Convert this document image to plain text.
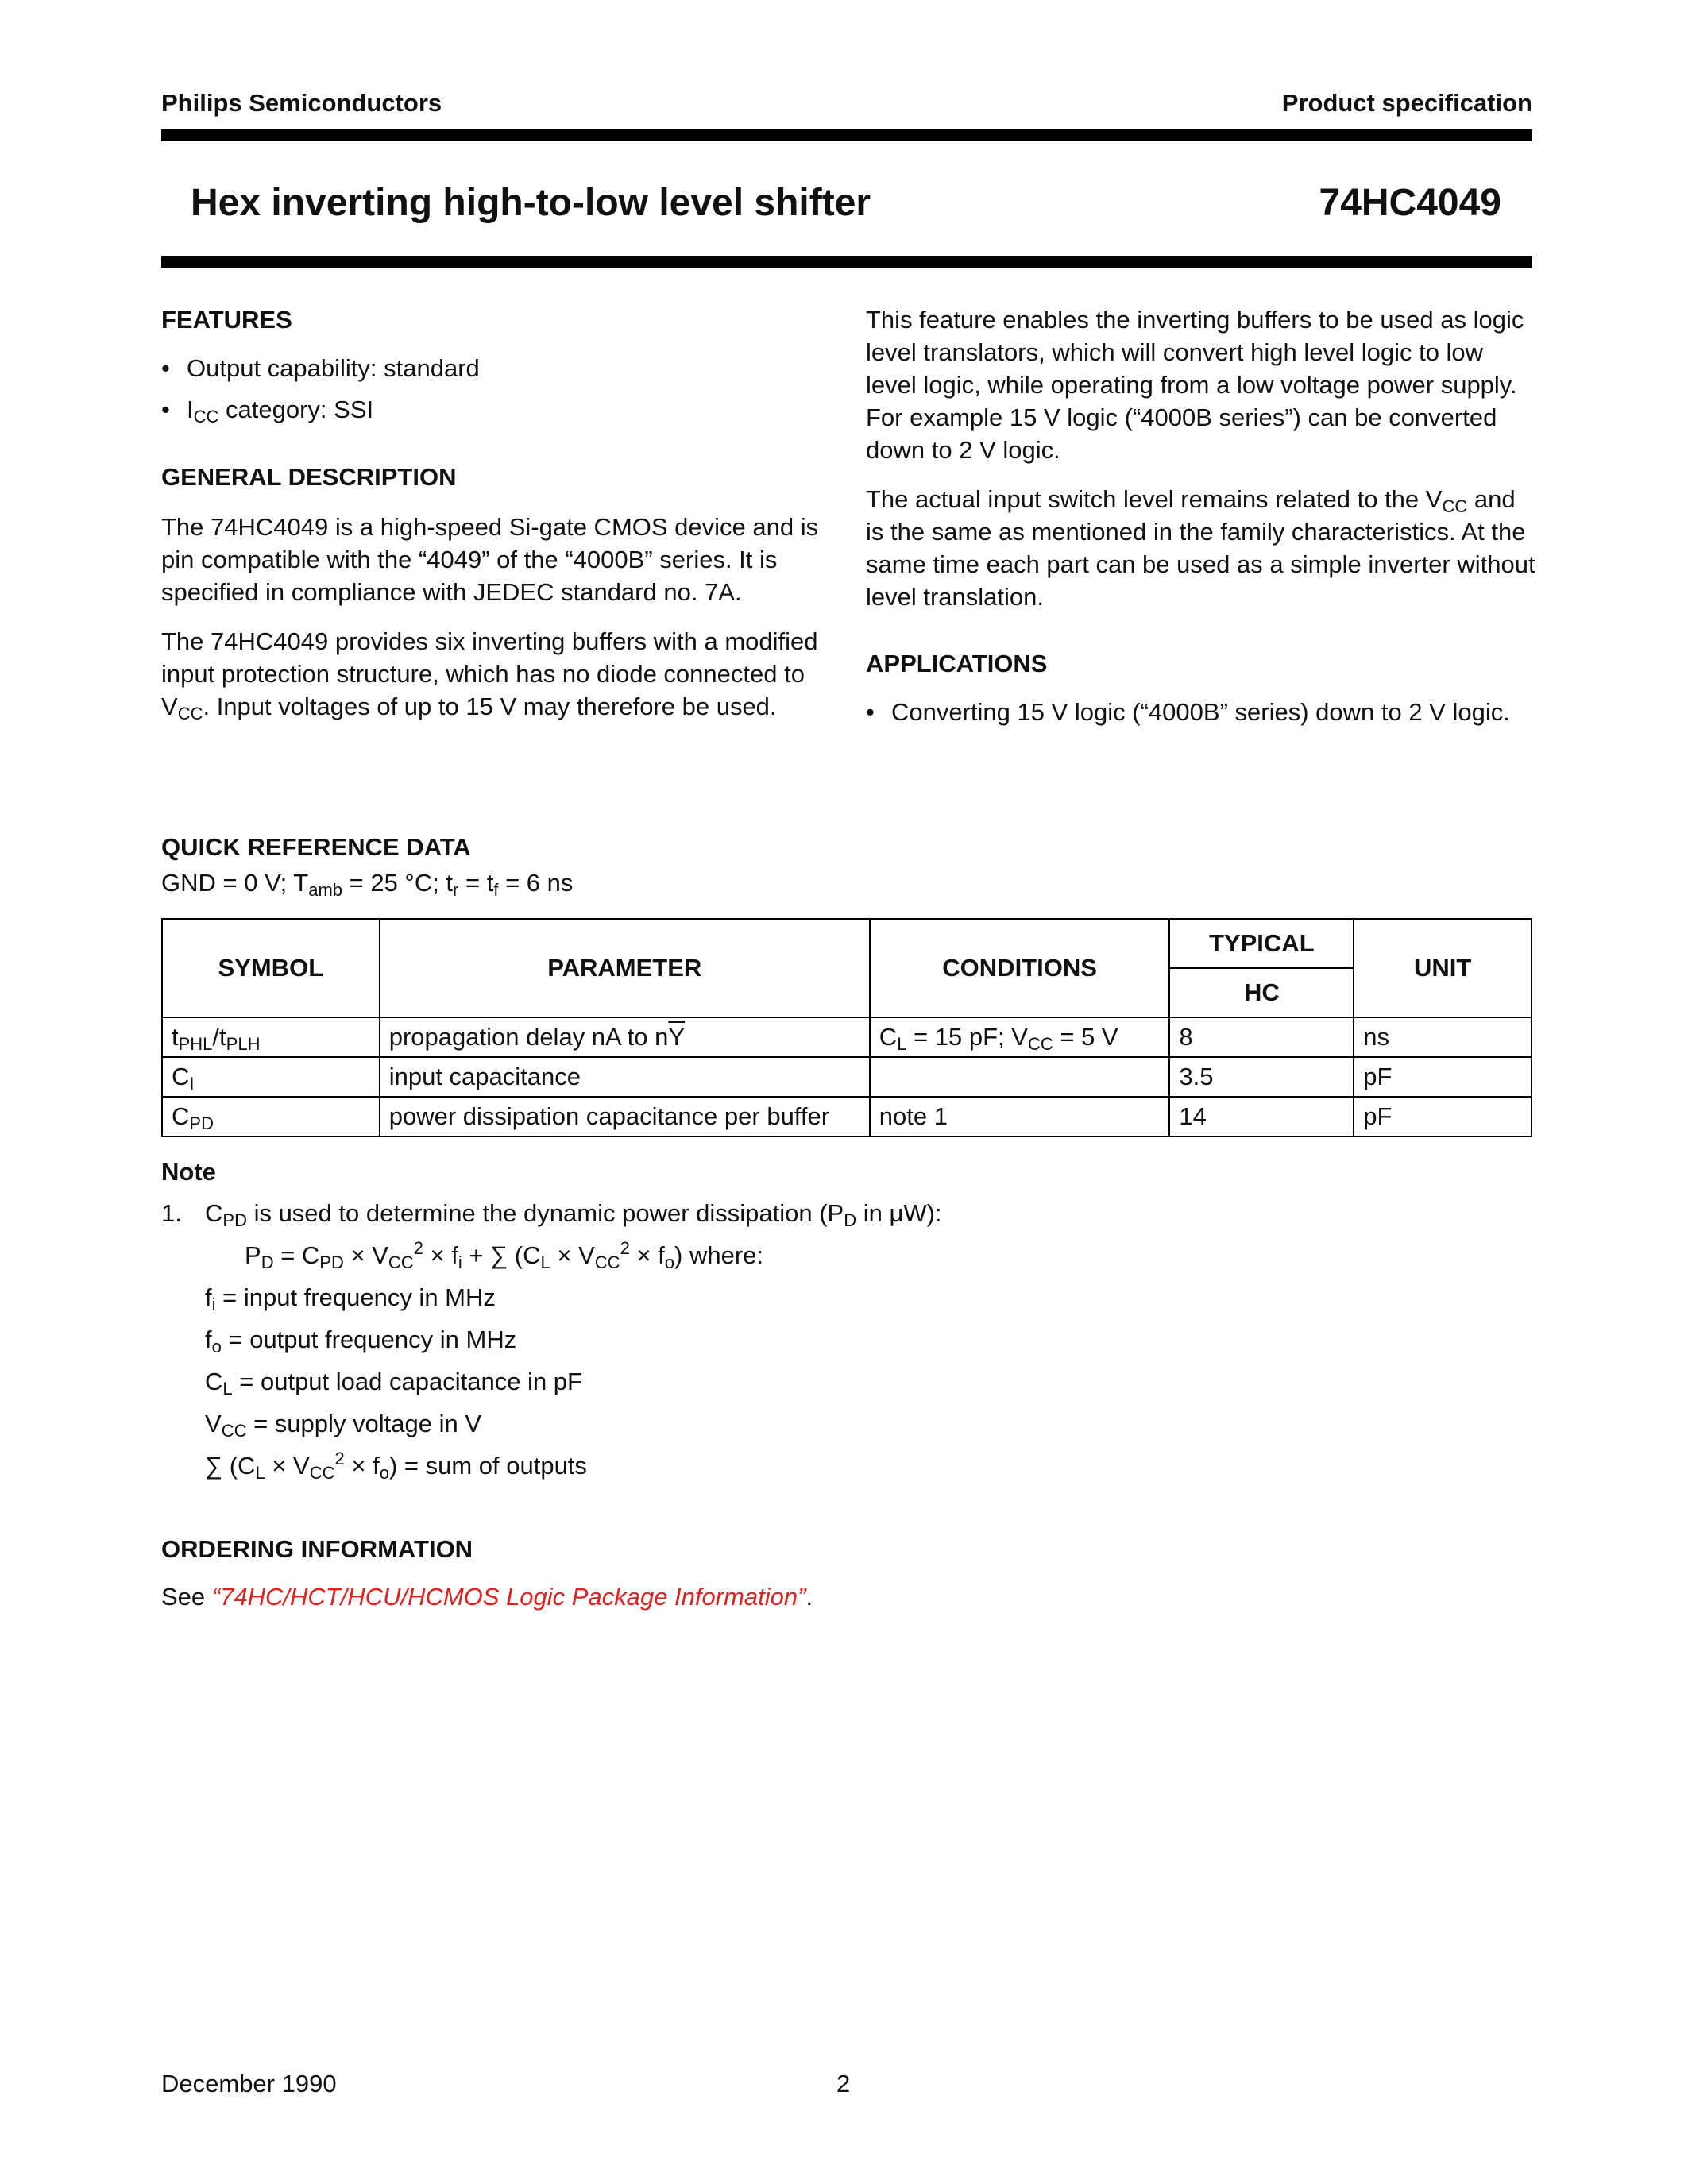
Philips Semiconductors	Product specification
Hex inverting high-to-low level shifter	74HC4049

FEATURES

• Output capability: standard

• $I_{CC}$ category: SSI

GENERAL DESCRIPTION

The 74HC4049 is a high-speed Si-gate CMOS device and is pin compatible with the “4049” of the “4000B” series. It is specified in compliance with JEDEC standard no. 7A.

The 74HC4049 provides six inverting buffers with a modified input protection structure, which has no diode connected to $V_{CC}$. Input voltages of up to 15 V may therefore be used.

This feature enables the inverting buffers to be used as logic level translators, which will convert high level logic to low level logic, while operating from a low voltage power supply. For example 15 V logic (“4000B series”) can be converted down to 2 V logic.

The actual input switch level remains related to the $V_{CC}$ and is the same as mentioned in the family characteristics. At the same time each part can be used as a simple inverter without level translation.

APPLICATIONS

• Converting 15 V logic (“4000B” series) down to 2 V logic.

QUICK REFERENCE DATA

GND = 0 V; $T_{amb} = 25$ °C; $t_r = t_f = 6$ ns

SYMBOL	PARAMETER	CONDITIONS	TYPICAL	UNIT
			HC	
$t_{PHL}/t_{PLH}$	propagation delay nA to $n\overline{Y}$	$C_L = 15$ pF; $V_{CC} = 5$ V	8	ns
$C_I$	input capacitance		3.5	pF
$C_{PD}$	power dissipation capacitance per buffer	note 1	14	pF
Note
1. $C_{PD}$ is used to determine the dynamic power dissipation ($P_D$ in μW):
$P_D = C_{PD} \times V_{CC}^2 \times f_i$ + ∑ $(C_L \times V_{CC}^2 \times f_o)$ where:
$f_i$ = input frequency in MHz
$f_o$ = output frequency in MHz
$C_L$ = output load capacitance in pF
$V_{CC}$ = supply voltage in V
∑ $(C_L \times V_{CC}^2 \times f_o)$ = sum of outputs
ORDERING INFORMATION
See “74HC/HCT/HCU/HCMOS Logic Package Information”.
December 1990	2
